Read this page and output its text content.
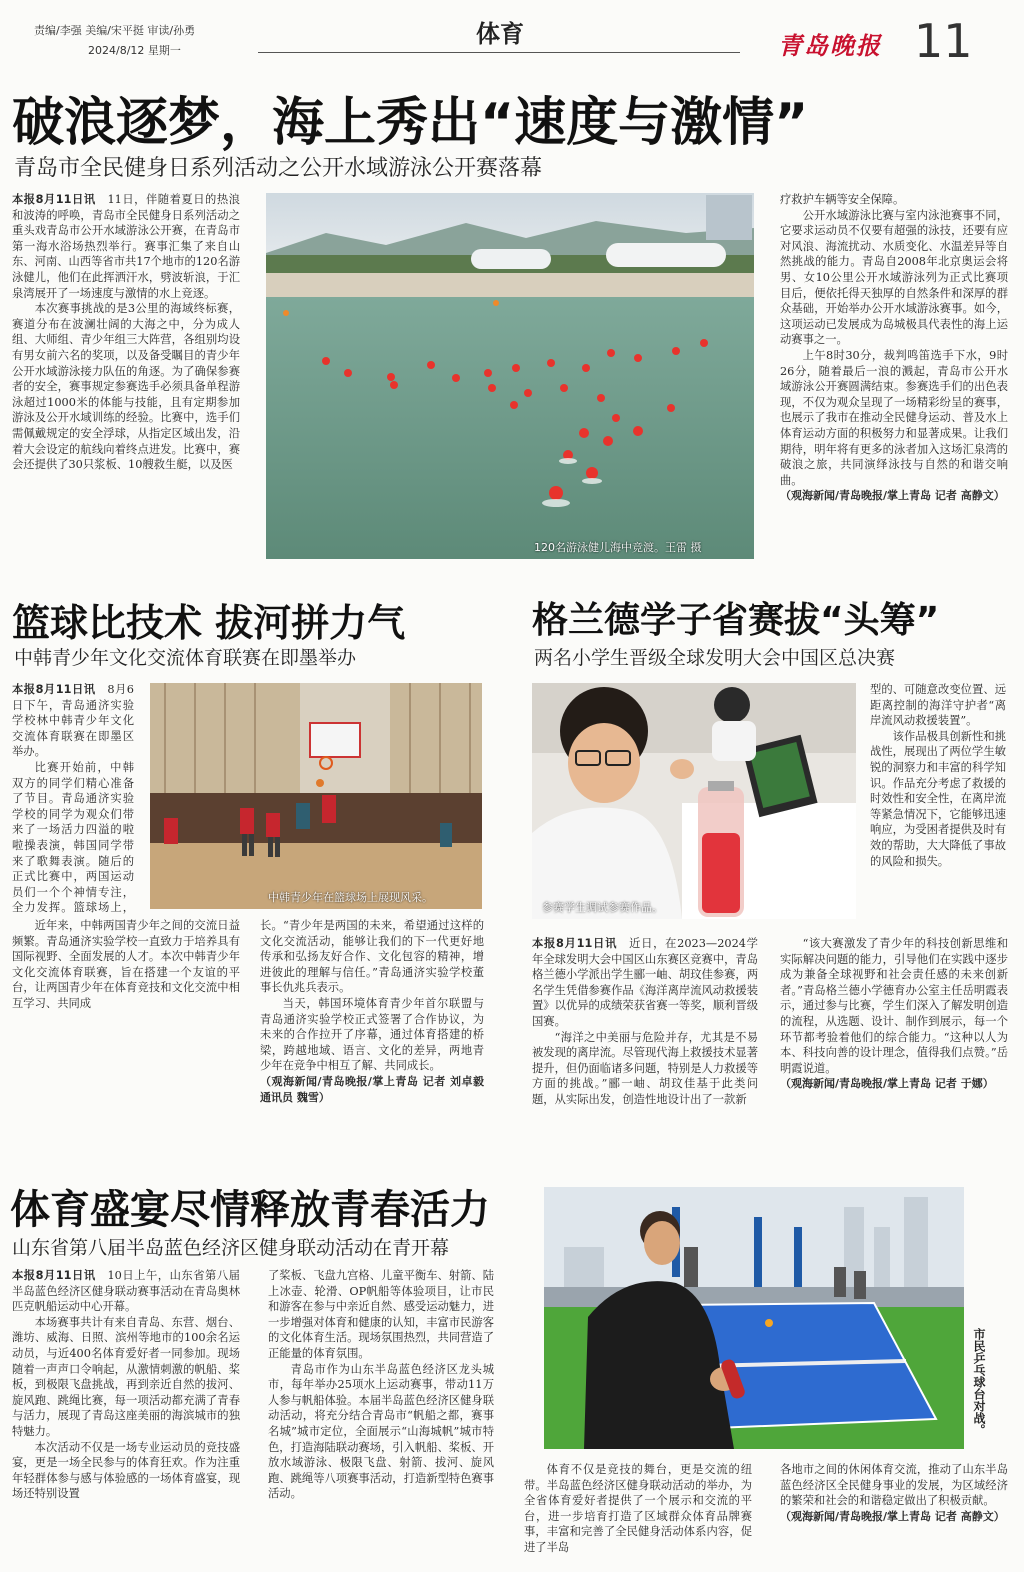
责编/李强 美编/宋平挺 审读/孙勇
2024/8/12 星期一
体育	青岛晚报 11
破浪逐梦，海上秀出“速度与激情”
青岛市全民健身日系列活动之公开水域游泳公开赛落幕

本报8月11日讯　 11日，伴随着夏日的热浪和波涛的呼唤，青岛市全民健身日系列活动之重头戏青岛市公开水域游泳公开赛，在青岛市第一海水浴场热烈举行。赛事汇集了来自山东、河南、山西等省市共17个地市的120名游泳健儿，他们在此挥洒汗水，劈波斩浪，于汇泉湾展开了一场速度与激情的水上竞逐。

本次赛事挑战的是3公里的海域终标赛，赛道分布在波澜壮阔的大海之中，分为成人组、大师组、青少年组三大阵营，各组别均设有男女前六名的奖项，以及备受瞩目的青少年公开水域游泳接力队伍的角逐。为了确保参赛者的安全，赛事规定参赛选手必须具备单程游泳超过1000米的体能与技能，且有定期参加游泳及公开水域训练的经验。比赛中，选手们需佩戴规定的安全浮球，从指定区域出发，沿着大会设定的航线向着终点进发。比赛中，赛会还提供了30只浆板、10艘救生艇，以及医

120名游泳健儿海中竞渡。王雷 摄

疗救护车辆等安全保障。

公开水域游泳比赛与室内泳池赛事不同，它要求运动员不仅要有超强的泳技，还要有应对风浪、海流扰动、水质变化、水温差异等自然挑战的能力。青岛自2008年北京奥运会将男、女10公里公开水域游泳列为正式比赛项目后，便依托得天独厚的自然条件和深厚的群众基础，开始举办公开水域游泳赛事。如今，这项运动已发展成为岛城极具代表性的海上运动赛事之一。

上午8时30分，裁判鸣笛选手下水，9时26分，随着最后一浪的溅起，青岛市公开水域游泳公开赛圆满结束。参赛选手们的出色表现，不仅为观众呈现了一场精彩纷呈的赛事，也展示了我市在推动全民健身运动、普及水上体育运动方面的积极努力和显著成果。让我们期待，明年将有更多的泳者加入这场汇泉湾的破浪之旅，共同演绎泳技与自然的和谐交响曲。

（观海新闻/青岛晚报/掌上青岛 记者 高静文）

篮球比技术 拔河拼力气
中韩青少年文化交流体育联赛在即墨举办

本报8月11日讯　 8月6日下午，青岛通济实验学校林中韩青少年文化交流体育联赛在即墨区举办。

比赛开始前，中韩双方的同学们精心准备了节目。青岛通济实验学校的同学为观众们带来了一场活力四溢的啦啦操表演，韩国同学带来了歌舞表演。随后的正式比赛中，两国运动员们一个个神情专注，全力发挥。篮球场上，

中韩青少年在篮球场上展现风采。

近年来，中韩两国青少年之间的交流日益频繁。青岛通济实验学校一直致力于培养具有国际视野、全面发展的人才。本次中韩青少年文化交流体育联赛，旨在搭建一个友谊的平台，让两国青少年在体育竞技和文化交流中相互学习、共同成

长。“青少年是两国的未来，希望通过这样的文化交流活动，能够让我们的下一代更好地传承和弘扬友好合作、文化包容的精神，增进彼此的理解与信任。”青岛通济实验学校董事长仇兆兵表示。

当天，韩国环境体育青少年首尔联盟与青岛通济实验学校正式签署了合作协议，为未来的合作拉开了序幕，通过体育搭建的桥梁，跨越地域、语言、文化的差异，两地青少年在竞争中相互了解、共同成长。

（观海新闻/青岛晚报/掌上青岛 记者 刘卓毅 通讯员 魏雪）

格兰德学子省赛拔“头筹”
两名小学生晋级全球发明大会中国区总决赛
参赛学生调试参赛作品。

型的、可随意改变位置、远距离控制的海洋守护者“离岸流风动救援装置”。

该作品极具创新性和挑战性，展现出了两位学生敏锐的洞察力和丰富的科学知识。作品充分考虑了救援的时效性和安全性，在离岸流等紧急情况下，它能够迅速响应，为受困者提供及时有效的帮助，大大降低了事故的风险和损失。

本报8月11日讯　 近日，在2023—2024学年全球发明大会中国区山东赛区竞赛中，青岛格兰德小学派出学生郦一岫、胡玟佳参赛，两名学生凭借参赛作品《海洋离岸流风动救援装置》以优异的成绩荣获省赛一等奖，顺利晋级国赛。

“海洋之中美丽与危险并存，尤其是不易被发现的离岸流。尽管现代海上救援技术显著提升，但仍面临诸多问题，特别是人力救援等方面的挑战。”郦一岫、胡玟佳基于此类问题，从实际出发，创造性地设计出了一款新

“该大赛激发了青少年的科技创新思维和实际解决问题的能力，引导他们在实践中逐步成为兼备全球视野和社会责任感的未来创新者。”青岛格兰德小学德育办公室主任岳明霞表示，通过参与比赛，学生们深入了解发明创造的流程，从选题、设计、制作到展示，每一个环节都考验着他们的综合能力。“这种以人为本、科技向善的设计理念，值得我们点赞。”岳明霞说道。

（观海新闻/青岛晚报/掌上青岛 记者 于娜）

体育盛宴尽情释放青春活力
山东省第八届半岛蓝色经济区健身联动活动在青开幕

本报8月11日讯　 10日上午，山东省第八届半岛蓝色经济区健身联动赛事活动在青岛奥林匹克帆船运动中心开幕。

本场赛事共计有来自青岛、东营、烟台、潍坊、威海、日照、滨州等地市的100余名运动员，与近400名体育爱好者一同参加。现场随着一声声口令响起，从激情刺激的帆船、桨板，到极限飞盘挑战，再到亲近自然的拔河、旋风跑、跳绳比赛，每一项活动都充满了青春与活力，展现了青岛这座美丽的海滨城市的独特魅力。

本次活动不仅是一场专业运动员的竞技盛宴，更是一场全民参与的体育狂欢。作为注重年轻群体参与感与体验感的一场体育盛宴，现场还特别设置

了桨板、飞盘九宫格、儿童平衡车、射箭、陆上冰壶、轮滑、OP帆船等体验项目，让市民和游客在参与中亲近自然、感受运动魅力，进一步增强对体育和健康的认知，丰富市民游客的文化体育生活。现场氛围热烈，共同营造了正能量的体育氛围。

青岛市作为山东半岛蓝色经济区龙头城市，每年举办25项水上运动赛事，带动11万人参与帆船体验。本届半岛蓝色经济区健身联动活动，将充分结合青岛市“帆船之都，赛事名城”城市定位，全面展示“山海城帆”城市特色，打造海陆联动赛场，引入帆船、桨板、开放水域游泳、极限飞盘、射箭、拔河、旋风跑、跳绳等八项赛事活动，打造新型特色赛事活动。

市民乒乓球台对战。

体育不仅是竞技的舞台，更是交流的纽带。半岛蓝色经济区健身联动活动的举办，为全省体育爱好者提供了一个展示和交流的平台，进一步培育打造了区域群众体育品牌赛事，丰富和完善了全民健身活动体系内容，促进了半岛

各地市之间的休闲体育交流，推动了山东半岛蓝色经济区全民健身事业的发展，为区域经济的繁荣和社会的和谐稳定做出了积极贡献。

（观海新闻/青岛晚报/掌上青岛 记者 高静文）
